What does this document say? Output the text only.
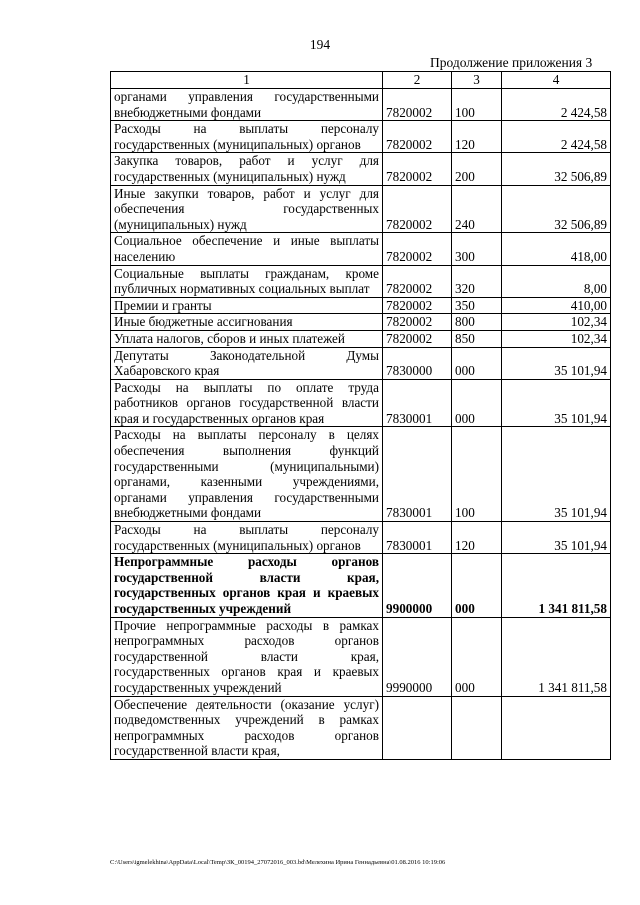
194
Продолжение приложения 3
1	2	3	4
органами управления государственными внебюджетными фондами	7820002	100	2 424,58
Расходы на выплаты персоналу государственных (муниципальных) органов	7820002	120	2 424,58
Закупка товаров, работ и услуг для государственных (муниципальных) нужд	7820002	200	32 506,89
Иные закупки товаров, работ и услуг для обеспечения государственных (муниципальных) нужд	7820002	240	32 506,89
Социальное обеспечение и иные выплаты населению	7820002	300	418,00
Социальные выплаты гражданам, кроме публичных нормативных социальных выплат	7820002	320	8,00
Премии и гранты	7820002	350	410,00
Иные бюджетные ассигнования	7820002	800	102,34
Уплата налогов, сборов и иных платежей	7820002	850	102,34
Депутаты Законодательной Думы Хабаровского края	7830000	000	35 101,94
Расходы на выплаты по оплате труда работников органов государственной власти края и государственных органов края	7830001	000	35 101,94
Расходы на выплаты персоналу в целях обеспечения выполнения функций государственными (муниципальными) органами, казенными учреждениями, органами управления государственными внебюджетными фондами	7830001	100	35 101,94
Расходы на выплаты персоналу государственных (муниципальных) органов	7830001	120	35 101,94
Непрограммные расходы органов государственной власти края, государственных органов края и краевых государственных учреждений	9900000	000	1 341 811,58
Прочие непрограммные расходы в рамках непрограммных расходов органов государственной власти края, государственных органов края и краевых государственных учреждений	9990000	000	1 341 811,58
Обеспечение деятельности (оказание услуг) подведомственных учреждений в рамках непрограммных расходов органов государственной власти края,			
C:\Users\igmelekhina\AppData\Local\Temp\ЗК_00194_27072016_003.bd\Мелехина Ирина Геннадьевна\01.08.2016 10:19:06
